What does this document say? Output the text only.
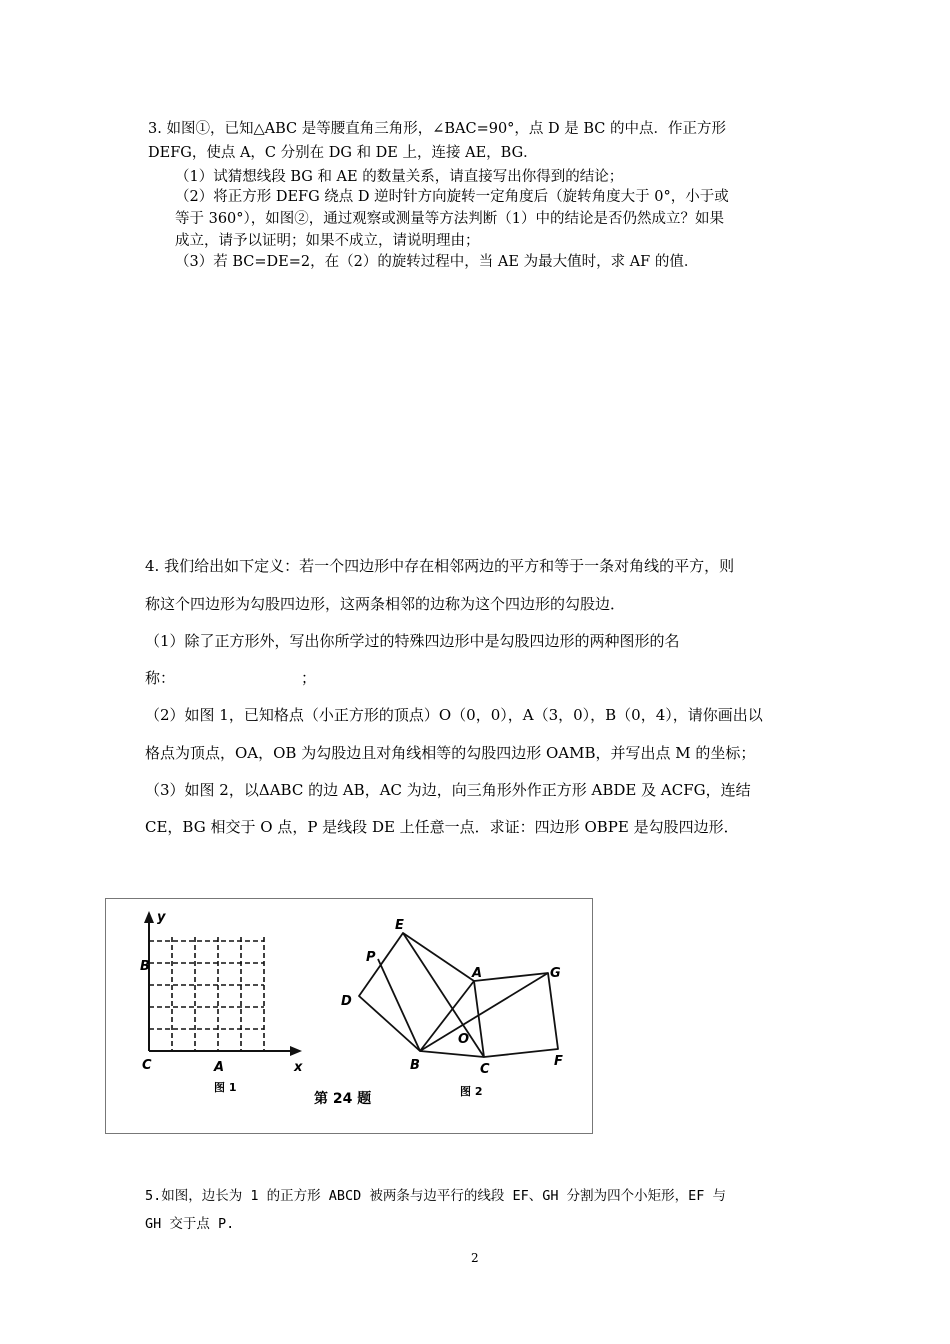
3. 如图①，已知△ABC 是等腰直角三角形，∠BAC=90°，点 D 是 BC 的中点．作正方形
DEFG，使点 A，C 分别在 DG 和 DE 上，连接 AE，BG．
（1）试猜想线段 BG 和 AE 的数量关系，请直接写出你得到的结论；
（2）将正方形 DEFG 绕点 D 逆时针方向旋转一定角度后（旋转角度大于 0°，小于或
等于 360°），如图②，通过观察或测量等方法判断（1）中的结论是否仍然成立？如果
成立，请予以证明；如果不成立，请说明理由；
（3）若 BC=DE=2，在（2）的旋转过程中，当 AE 为最大值时，求 AF 的值．
4. 我们给出如下定义：若一个四边形中存在相邻两边的平方和等于一条对角线的平方，则
称这个四边形为勾股四边形，这两条相邻的边称为这个四边形的勾股边．
（1）除了正方形外，写出你所学过的特殊四边形中是勾股四边形的两种图形的名
称：	；
（2）如图 1，已知格点（小正方形的顶点）O（0，0），A（3，0），B（0，4），请你画出以
格点为顶点，OA，OB 为勾股边且对角线相等的勾股四边形 OAMB，并写出点 M 的坐标；
（3）如图 2，以ΔABC 的边 AB，AC 为边，向三角形外作正方形 ABDE 及 ACFG，连结
CE，BG 相交于 O 点，P 是线段 DE 上任意一点．求证：四边形 OBPE 是勾股四边形．
y
x
C
B
A
图 1
E
P
A	G
D
O
B	C
F
图 2
第 24 题
5.如图，边长为 1 的正方形 ABCD 被两条与边平行的线段 EF、GH 分割为四个小矩形，EF 与
GH 交于点 P.
2
